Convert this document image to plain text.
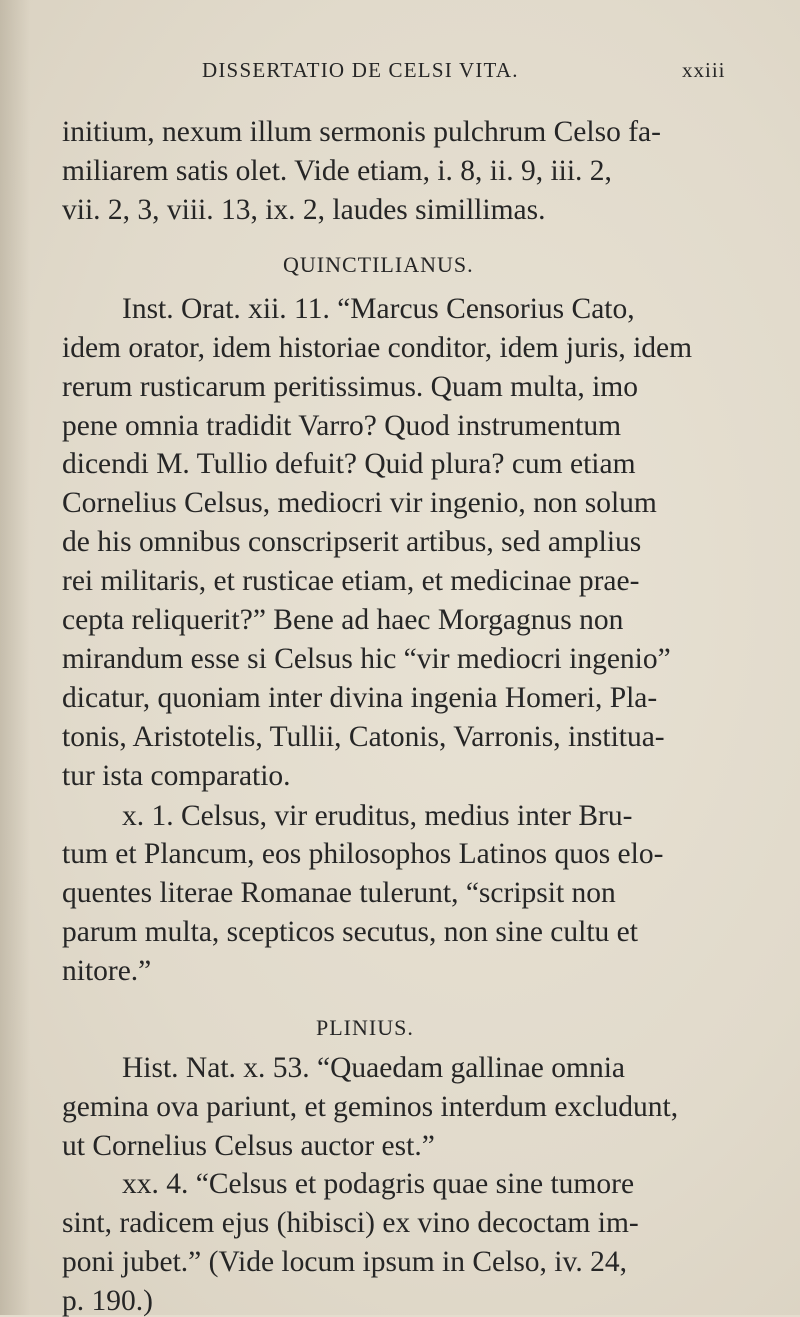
DISSERTATIO DE CELSI VITA.	xxiii
initium, nexum illum sermonis pulchrum Celso fa-
miliarem satis olet. Vide etiam, i. 8, ii. 9, iii. 2,
vii. 2, 3, viii. 13, ix. 2, laudes simillimas.
QUINCTILIANUS.
Inst. Orat. xii. 11. “Marcus Censorius Cato,
idem orator, idem historiae conditor, idem juris, idem
rerum rusticarum peritissimus. Quam multa, imo
pene omnia tradidit Varro? Quod instrumentum
dicendi M. Tullio defuit? Quid plura? cum etiam
Cornelius Celsus, mediocri vir ingenio, non solum
de his omnibus conscripserit artibus, sed amplius
rei militaris, et rusticae etiam, et medicinae prae-
cepta reliquerit?” Bene ad haec Morgagnus non
mirandum esse si Celsus hic “vir mediocri ingenio”
dicatur, quoniam inter divina ingenia Homeri, Pla-
tonis, Aristotelis, Tullii, Catonis, Varronis, institua-
tur ista comparatio.
x. 1. Celsus, vir eruditus, medius inter Bru-
tum et Plancum, eos philosophos Latinos quos elo-
quentes literae Romanae tulerunt, “scripsit non
parum multa, scepticos secutus, non sine cultu et
nitore.”
PLINIUS.
Hist. Nat. x. 53. “Quaedam gallinae omnia
gemina ova pariunt, et geminos interdum excludunt,
ut Cornelius Celsus auctor est.”
xx. 4. “Celsus et podagris quae sine tumore
sint, radicem ejus (hibisci) ex vino decoctam im-
poni jubet.” (Vide locum ipsum in Celso, iv. 24,
p. 190.)
